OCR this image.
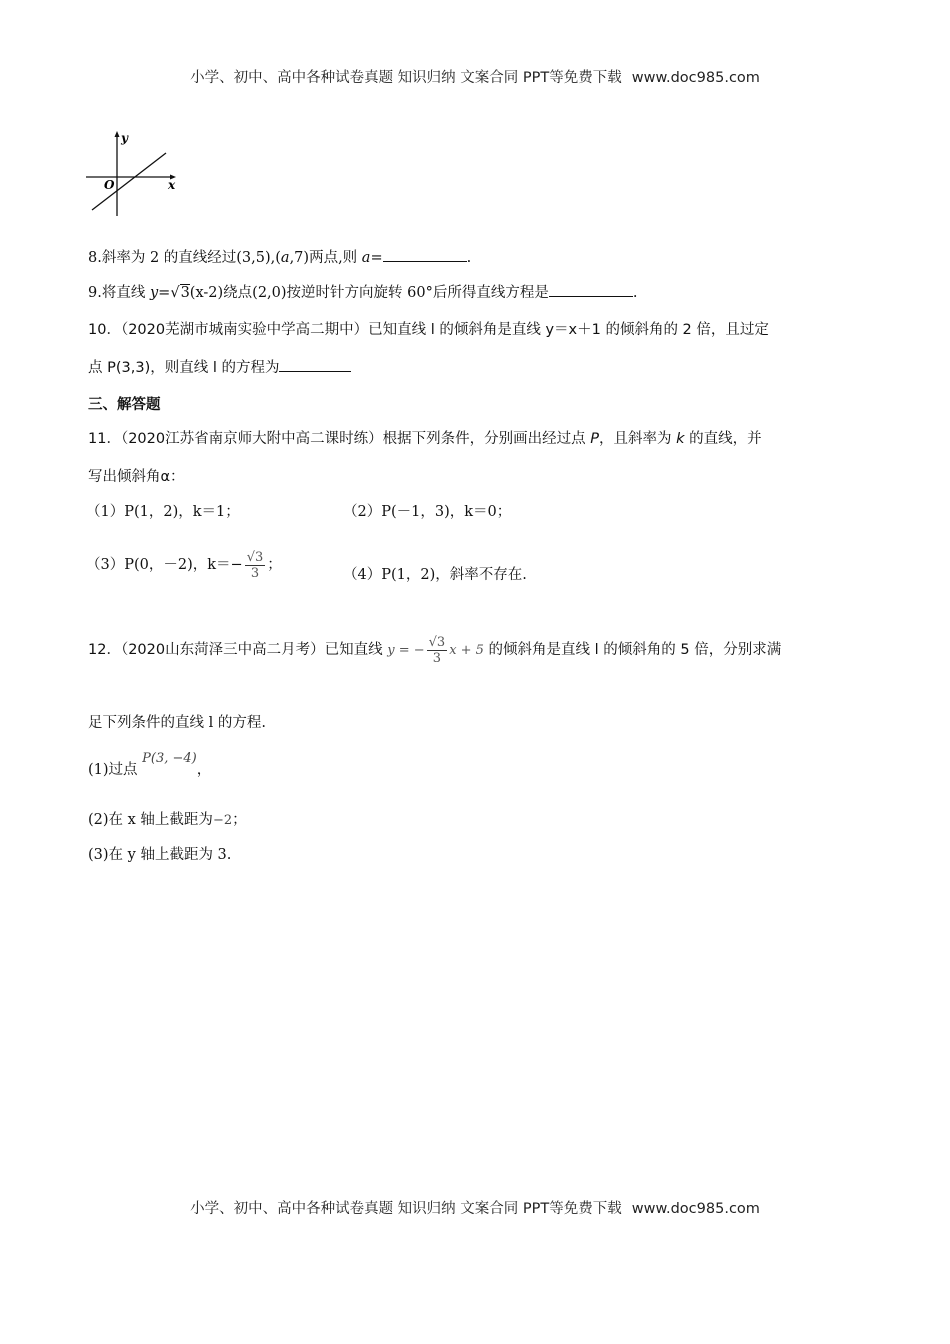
小学、初中、高中各种试卷真题 知识归纳 文案合同 PPT等免费下载 www.doc985.com
y
x
O
8.斜率为 2 的直线经过(3,5),(a,7)两点,则 a=	.
9.将直线 y=√3(x-2)绕点(2,0)按逆时针方向旋转 60°后所得直线方程是	.
10．（2020芜湖市城南实验中学高二期中）已知直线 l 的倾斜角是直线 y＝x＋1 的倾斜角的 2 倍，且过定
点 P(3,3)，则直线 l 的方程为
三、解答题
11．（2020江苏省南京师大附中高二课时练）根据下列条件，分别画出经过点 P，且斜率为 k 的直线，并
写出倾斜角α：
（1）P(1，2)，k＝1；	（2）P(－1，3)，k＝0；
（3）P(0，－2)，$k=- \frac{√3}{3}$ ；
（4）P(1，2)，斜率不存在.
12．（2020山东菏泽三中高二月考）已知直线 y = − $\frac{√3}{3}$ x + 5 的倾斜角是直线 l 的倾斜角的 5 倍，分别求满
足下列条件的直线 l 的方程.
(1)过点 P(3, −4)，
(2)在 x 轴上截距为−2；
(3)在 y 轴上截距为 3.
小学、初中、高中各种试卷真题 知识归纳 文案合同 PPT等免费下载 www.doc985.com
